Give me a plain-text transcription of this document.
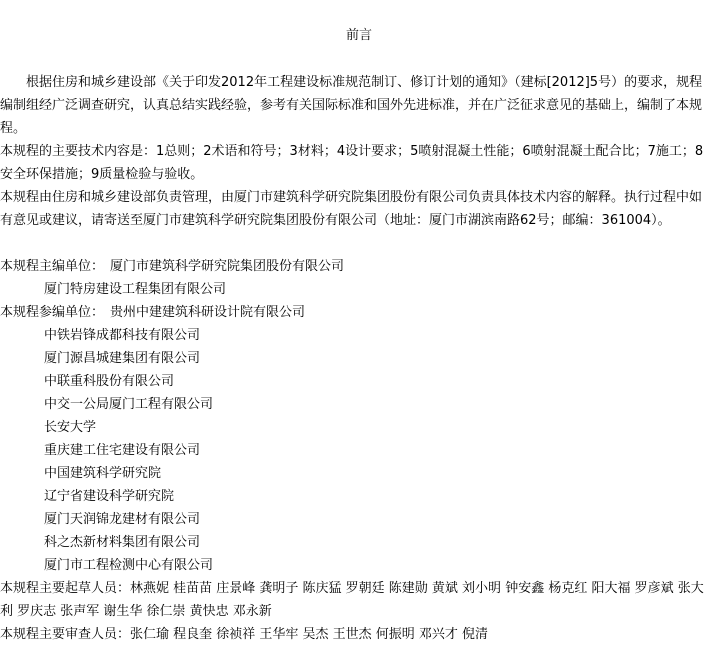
前言

根据住房和城乡建设部《关于印发2012年工程建设标准规范制订、修订计划的通知》（建标[2012]5号）的要求，规程编制组经广泛调查研究，认真总结实践经验，参考有关国际标准和国外先进标准，并在广泛征求意见的基础上，编制了本规程。

本规程的主要技术内容是：1总则；2术语和符号；3材料；4设计要求；5喷射混凝土性能；6喷射混凝土配合比；7施工；8安全环保措施；9质量检验与验收。

本规程由住房和城乡建设部负责管理，由厦门市建筑科学研究院集团股份有限公司负责具体技术内容的解释。执行过程中如有意见或建议，请寄送至厦门市建筑科学研究院集团股份有限公司（地址：厦门市湖滨南路62号；邮编：361004）。

本规程主编单位： 厦门市建筑科学研究院集团股份有限公司
厦门特房建设工程集团有限公司
本规程参编单位： 贵州中建建筑科研设计院有限公司
中铁岩锋成都科技有限公司
厦门源昌城建集团有限公司
中联重科股份有限公司
中交一公局厦门工程有限公司
长安大学
重庆建工住宅建设有限公司
中国建筑科学研究院
辽宁省建设科学研究院
厦门天润锦龙建材有限公司
科之杰新材料集团有限公司
厦门市工程检测中心有限公司

本规程主要起草人员：林燕妮 桂苗苗 庄景峰 龚明子 陈庆猛 罗朝廷 陈建勋 黄斌 刘小明 钟安鑫 杨克红 阳大福 罗彦斌 张大利 罗庆志 张声军 谢生华 徐仁崇 黄快忠 邓永新

本规程主要审查人员：张仁瑜 程良奎 徐祯祥 王华牢 吴杰 王世杰 何振明 邓兴才 倪清
